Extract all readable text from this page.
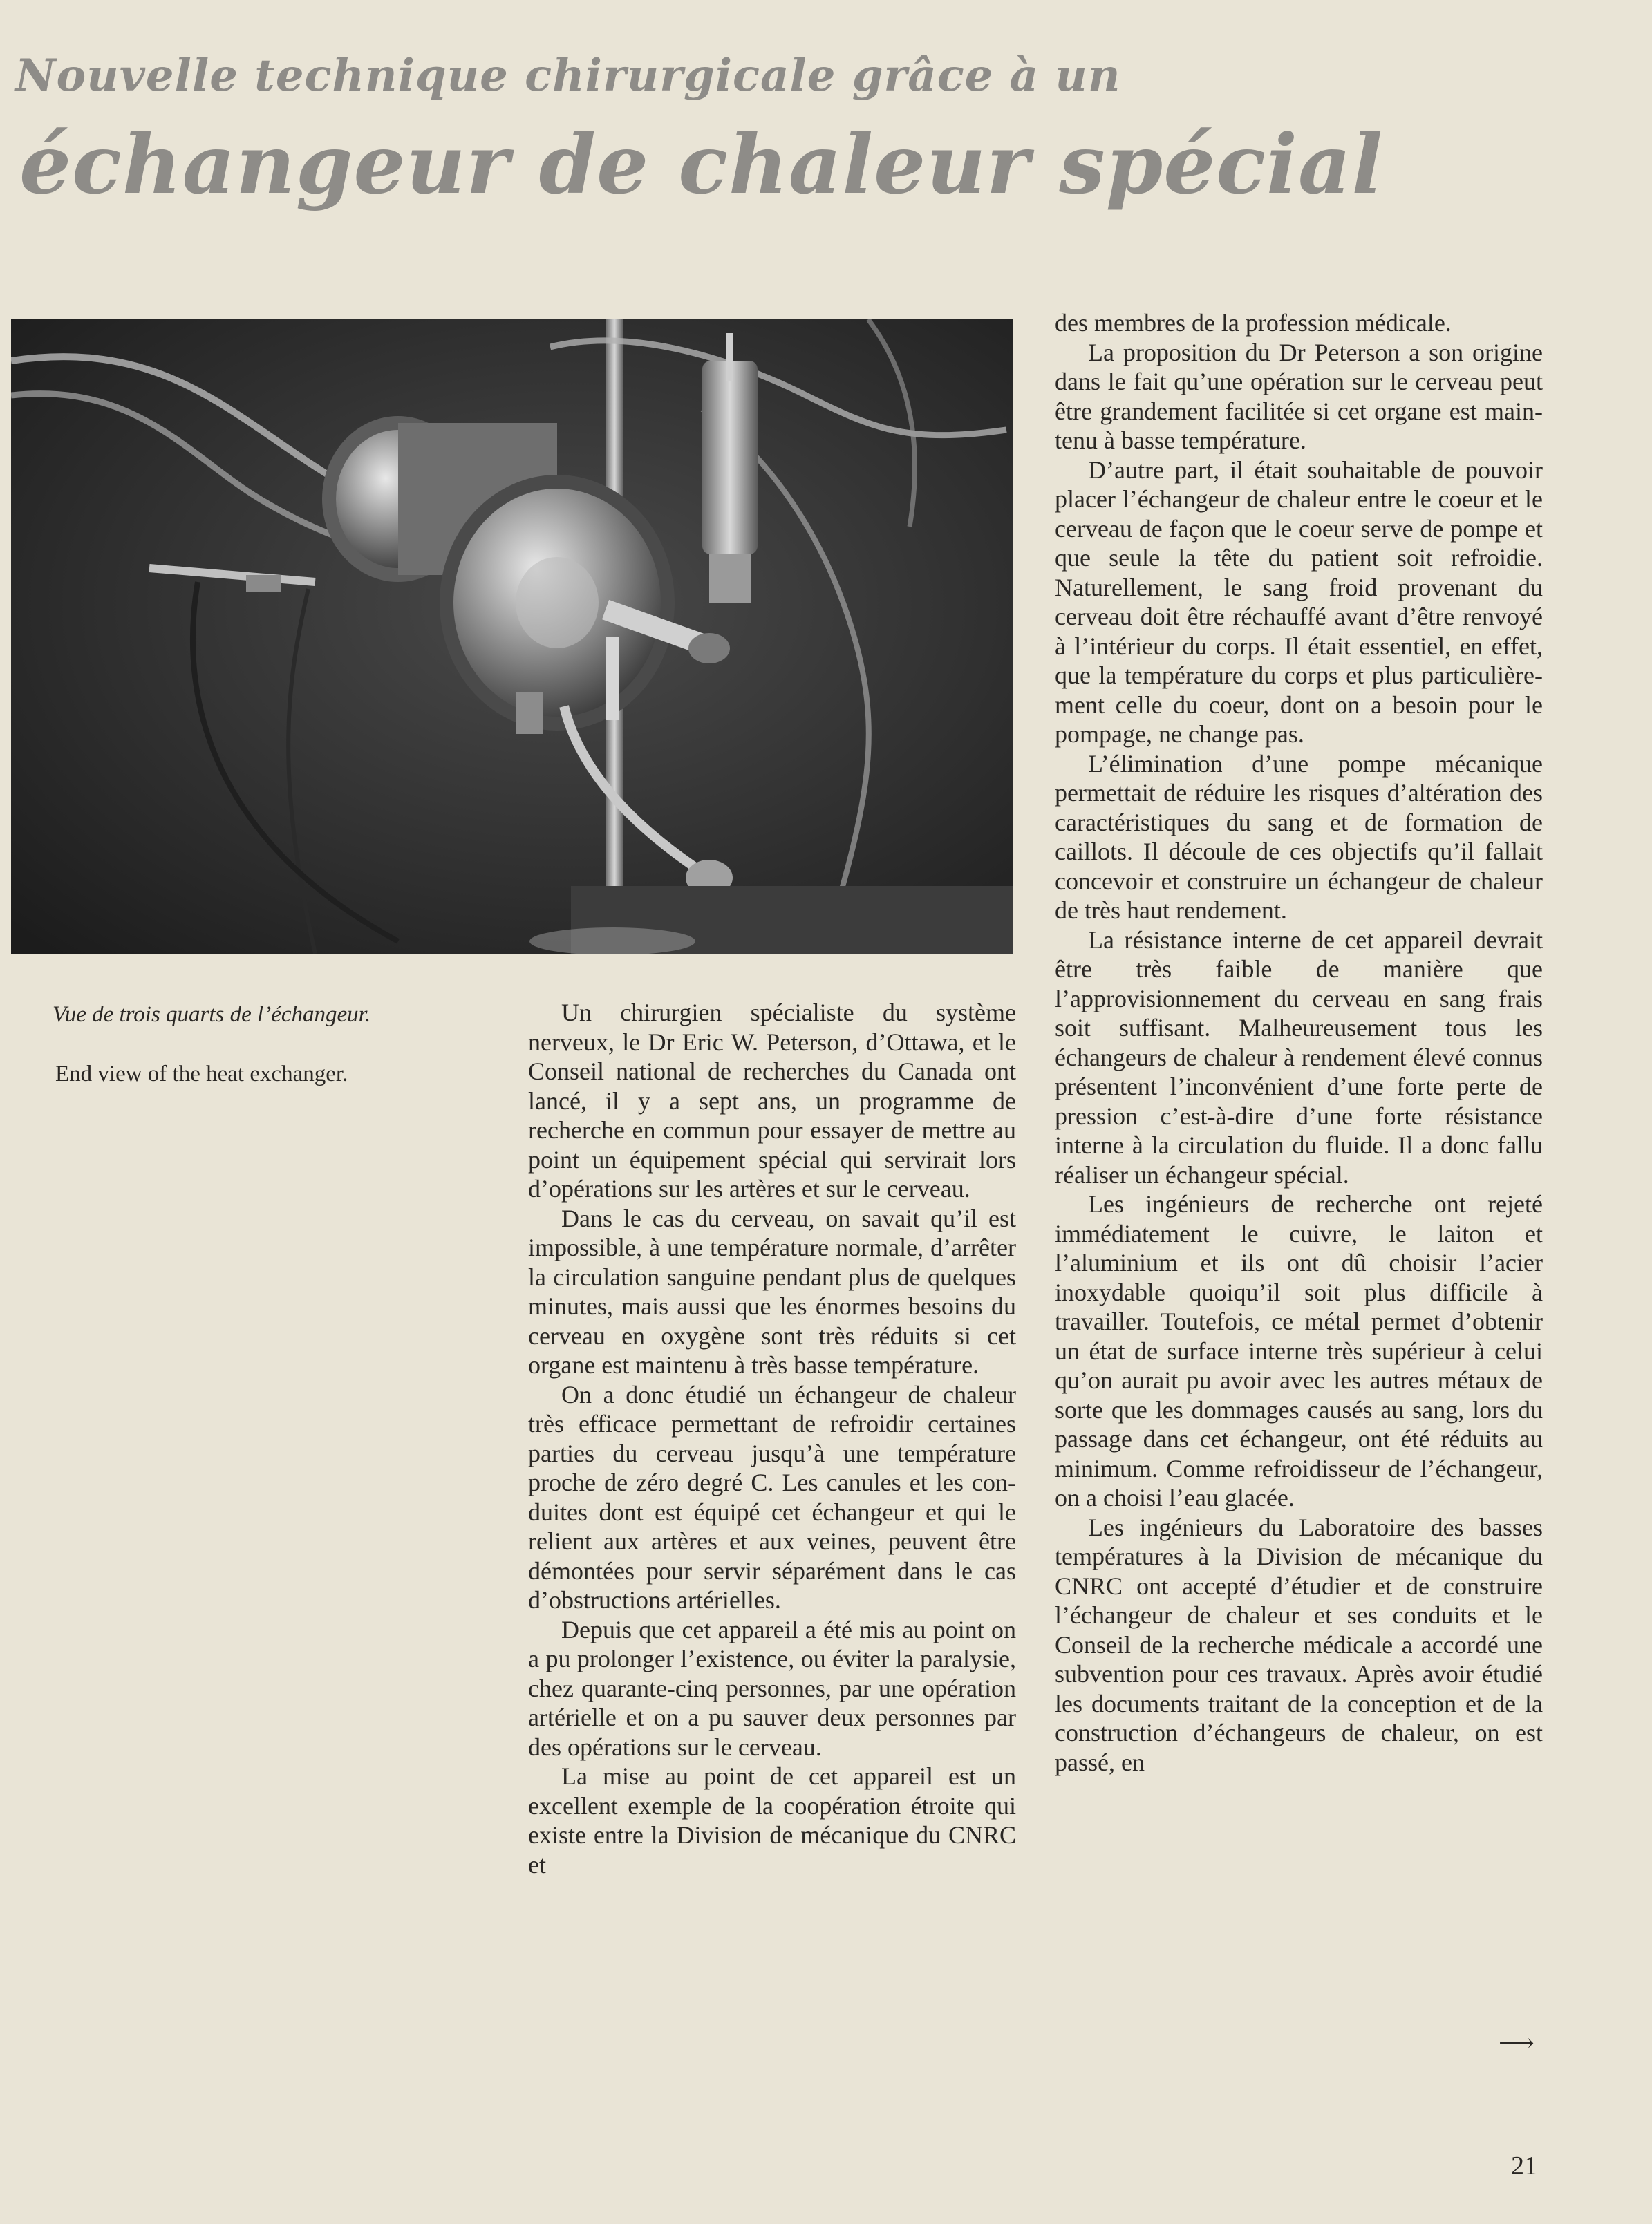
Nouvelle technique chirurgicale grâce à un
échangeur de chaleur spécial

Vue de trois quarts de l’échangeur.

End view of the heat exchanger.

Un chirurgien spécialiste du système nerveux, le Dr Eric W. Peterson, d’Ottawa, et le Conseil national de recherches du Canada ont lancé, il y a sept ans, un programme de recherche en commun pour essayer de mettre au point un équipement spécial qui servirait lors d’opérations sur les artères et sur le cerveau.

Dans le cas du cerveau, on savait qu’il est impossible, à une température normale, d’arrêter la circulation sanguine pendant plus de quelques minutes, mais aussi que les énormes besoins du cerveau en oxygène sont très réduits si cet organe est maintenu à très basse température.

On a donc étudié un échangeur de chaleur très efficace permettant de refroidir certaines parties du cerveau jusqu’à une température proche de zéro degré C. Les canules et les conduites dont est équipé cet échangeur et qui le relient aux artères et aux veines, peuvent être démontées pour servir séparément dans le cas d’obstructions artérielles.

Depuis que cet appareil a été mis au point on a pu prolonger l’existence, ou éviter la paralysie, chez quarante-cinq personnes, par une opération artérielle et on a pu sauver deux personnes par des opérations sur le cerveau.

La mise au point de cet appareil est un excellent exemple de la coopération étroite qui existe entre la Division de mécanique du CNRC et

des membres de la profession médicale.

La proposition du Dr Peterson a son origine dans le fait qu’une opération sur le cerveau peut être grandement facilitée si cet organe est maintenu à basse température.

D’autre part, il était souhaitable de pouvoir placer l’échangeur de chaleur entre le coeur et le cerveau de façon que le coeur serve de pompe et que seule la tête du patient soit refroidie. Naturellement, le sang froid provenant du cerveau doit être réchauffé avant d’être renvoyé à l’intérieur du corps. Il était essentiel, en effet, que la température du corps et plus particulièrement celle du coeur, dont on a besoin pour le pompage, ne change pas.

L’élimination d’une pompe mécanique permettait de réduire les risques d’altération des caractéristiques du sang et de formation de caillots. Il découle de ces objectifs qu’il fallait concevoir et construire un échangeur de chaleur de très haut rendement.

La résistance interne de cet appareil devrait être très faible de manière que l’approvisionnement du cerveau en sang frais soit suffisant. Malheureusement tous les échangeurs de chaleur à rendement élevé connus présentent l’inconvénient d’une forte perte de pression c’est-à-dire d’une forte résistance interne à la circulation du fluide. Il a donc fallu réaliser un échangeur spécial.

Les ingénieurs de recherche ont rejeté immédiatement le cuivre, le laiton et l’aluminium et ils ont dû choisir l’acier inoxydable quoiqu’il soit plus difficile à travailler. Toutefois, ce métal permet d’obtenir un état de surface interne très supérieur à celui qu’on aurait pu avoir avec les autres métaux de sorte que les dommages causés au sang, lors du passage dans cet échangeur, ont été réduits au minimum. Comme refroidisseur de l’échangeur, on a choisi l’eau glacée.

Les ingénieurs du Laboratoire des basses températures à la Division de mécanique du CNRC ont accepté d’étudier et de construire l’échangeur de chaleur et ses conduits et le Conseil de la recherche médicale a accordé une subvention pour ces travaux. Après avoir étudié les documents traitant de la conception et de la construction d’échangeurs de chaleur, on est passé, en

⟶
21
